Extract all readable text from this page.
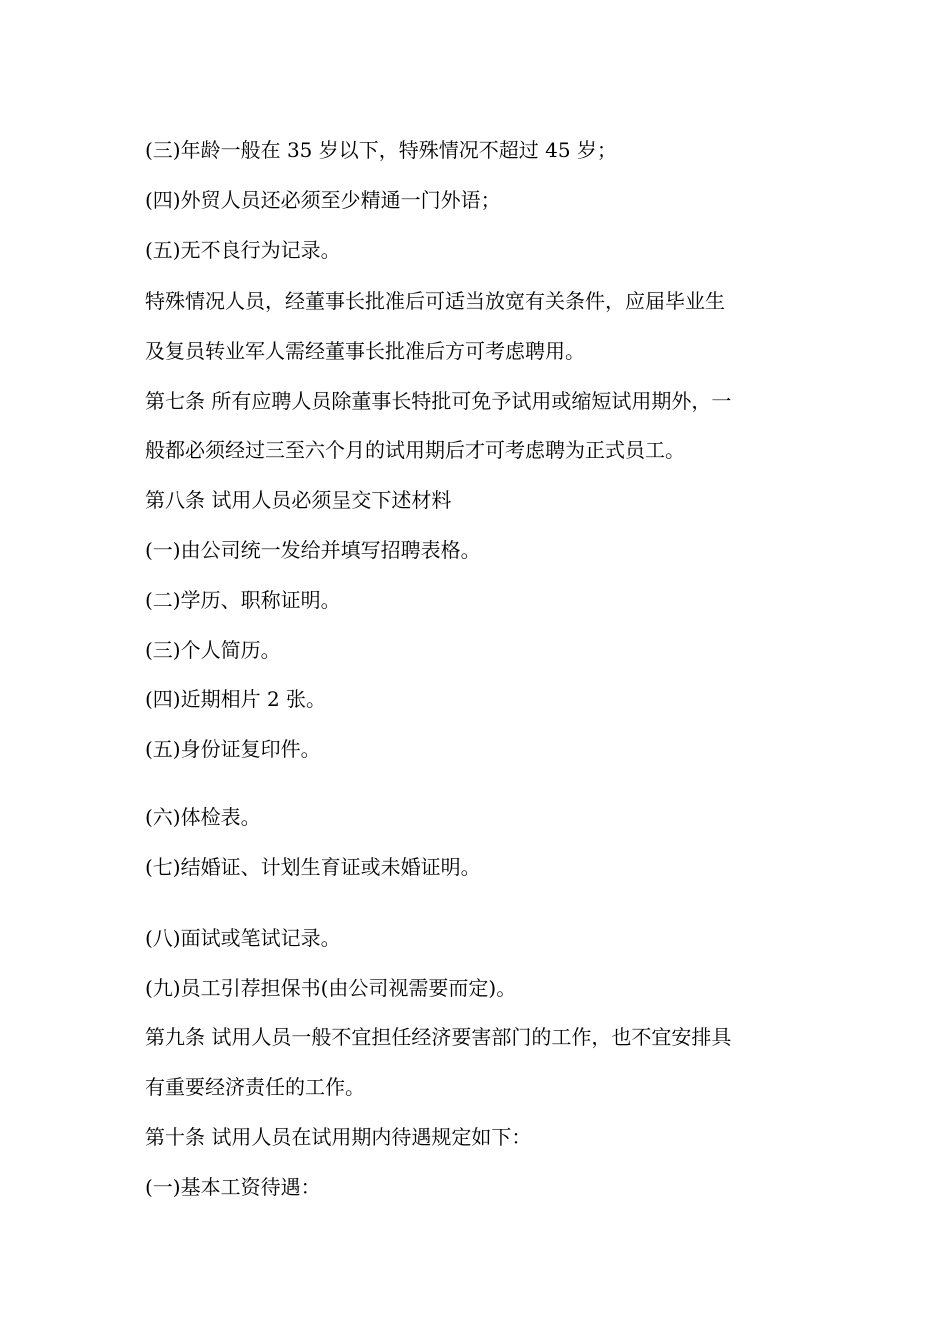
(三)年龄一般在 35 岁以下，特殊情况不超过 45 岁；

(四)外贸人员还必须至少精通一门外语；

(五)无不良行为记录。

特殊情况人员，经董事长批准后可适当放宽有关条件，应届毕业生

及复员转业军人需经董事长批准后方可考虑聘用。

第七条 所有应聘人员除董事长特批可免予试用或缩短试用期外，一

般都必须经过三至六个月的试用期后才可考虑聘为正式员工。

第八条 试用人员必须呈交下述材料

(一)由公司统一发给并填写招聘表格。

(二)学历、职称证明。

(三)个人简历。

(四)近期相片 2 张。

(五)身份证复印件。

(六)体检表。

(七)结婚证、计划生育证或未婚证明。

(八)面试或笔试记录。

(九)员工引荐担保书(由公司视需要而定)。

第九条 试用人员一般不宜担任经济要害部门的工作，也不宜安排具

有重要经济责任的工作。

第十条 试用人员在试用期内待遇规定如下：

(一)基本工资待遇：
